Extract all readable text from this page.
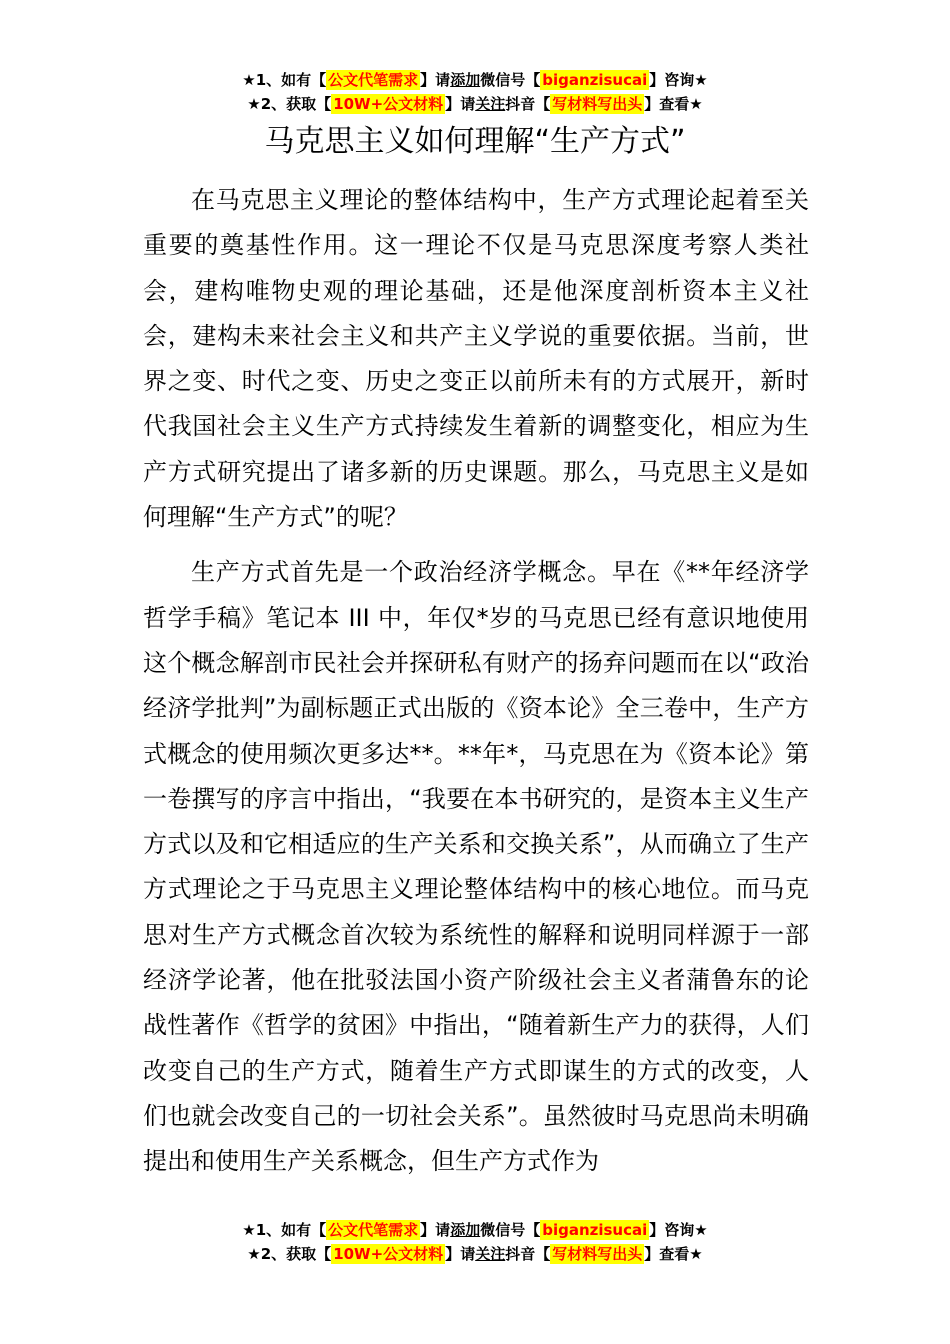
★1、如有【 公文代笔需求 】请添加微信号【 biganzisucai 】咨询★
★2、获取【 10W+公文材料 】请关注抖音【 写材料写出头 】查看★
马克思主义如何理解“生产方式”

在马克思主义理论的整体结构中，生产方式理论起着至关重要的奠基性作用。这一理论不仅是马克思深度考察人类社会，建构唯物史观的理论基础，还是他深度剖析资本主义社会，建构未来社会主义和共产主义学说的重要依据。当前，世界之变、时代之变、历史之变正以前所未有的方式展开，新时代我国社会主义生产方式持续发生着新的调整变化，相应为生产方式研究提出了诸多新的历史课题。那么，马克思主义是如何理解“生产方式”的呢？

生产方式首先是一个政治经济学概念。早在《**年经济学哲学手稿》笔记本 III 中，年仅*岁的马克思已经有意识地使用这个概念解剖市民社会并探研私有财产的扬弃问题而在以“政治经济学批判”为副标题正式出版的《资本论》全三卷中，生产方式概念的使用频次更多达**。**年*，马克思在为《资本论》第一卷撰写的序言中指出，“我要在本书研究的，是资本主义生产方式以及和它相适应的生产关系和交换关系”，从而确立了生产方式理论之于马克思主义理论整体结构中的核心地位。而马克思对生产方式概念首次较为系统性的解释和说明同样源于一部经济学论著，他在批驳法国小资产阶级社会主义者蒲鲁东的论战性著作《哲学的贫困》中指出，“随着新生产力的获得，人们改变自己的生产方式，随着生产方式即谋生的方式的改变，人们也就会改变自己的一切社会关系”。虽然彼时马克思尚未明确提出和使用生产关系概念，但生产方式作为

★1、如有【 公文代笔需求 】请添加微信号【 biganzisucai 】咨询★
★2、获取【 10W+公文材料 】请关注抖音【 写材料写出头 】查看★
